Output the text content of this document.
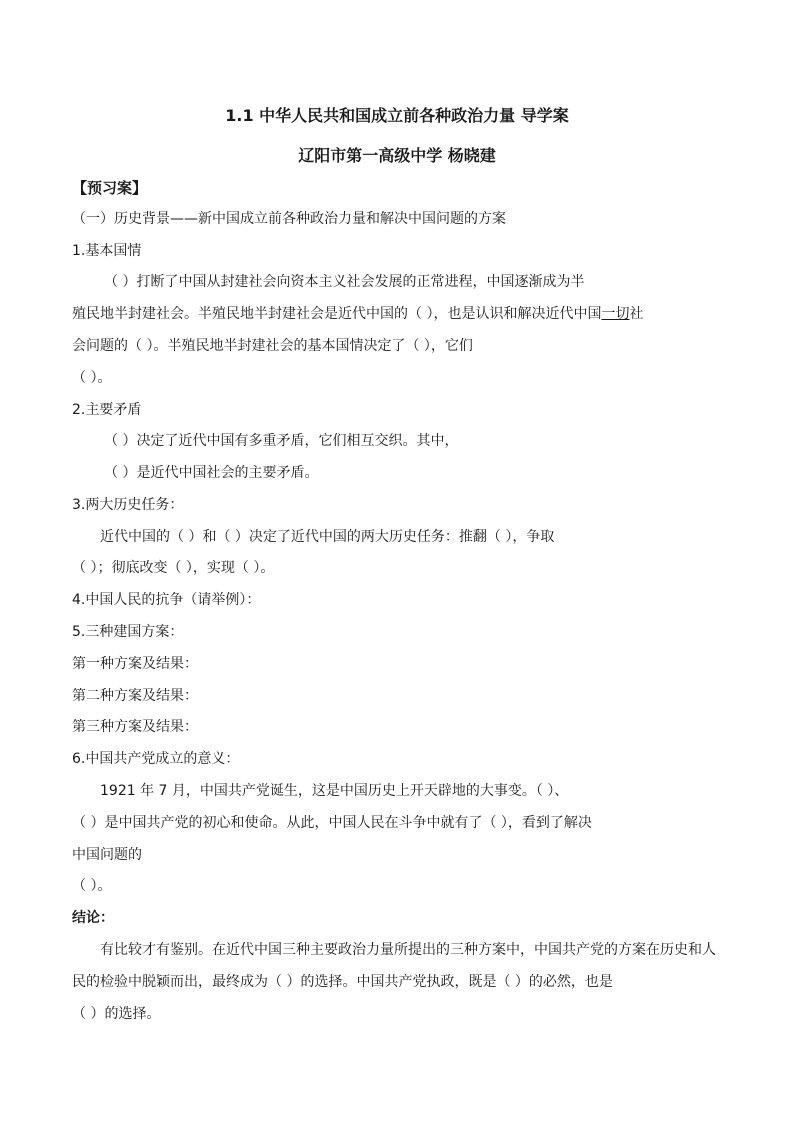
1.1 中华人民共和国成立前各种政治力量 导学案
辽阳市第一高级中学 杨晓建
【预习案】
（一）历史背景——新中国成立前各种政治力量和解决中国问题的方案
1.基本国情
（ ）打断了中国从封建社会向资本主义社会发展的正常进程，中国逐渐成为半
殖民地半封建社会。半殖民地半封建社会是近代中国的（ ），也是认识和解决近代中国一切社
会问题的（ ）。半殖民地半封建社会的基本国情决定了（ ），它们
（ ）。
2.主要矛盾
（ ）决定了近代中国有多重矛盾，它们相互交织。其中，
（ ）是近代中国社会的主要矛盾。
3.两大历史任务：
近代中国的（ ）和（ ）决定了近代中国的两大历史任务：推翻（ ），争取
（ ）；彻底改变（ ），实现（ ）。
4.中国人民的抗争（请举例）：
5.三种建国方案：
第一种方案及结果：
第二种方案及结果：
第三种方案及结果：
6.中国共产党成立的意义：
1921 年 7 月，中国共产党诞生，这是中国历史上开天辟地的大事变。（ ）、
（ ）是中国共产党的初心和使命。从此，中国人民在斗争中就有了（ ），看到了解决
中国问题的
（ ）。
结论：
有比较才有鉴别。在近代中国三种主要政治力量所提出的三种方案中，中国共产党的方案在历史和人
民的检验中脱颖而出，最终成为（ ）的选择。中国共产党执政，既是（ ）的必然，也是
（ ）的选择。
